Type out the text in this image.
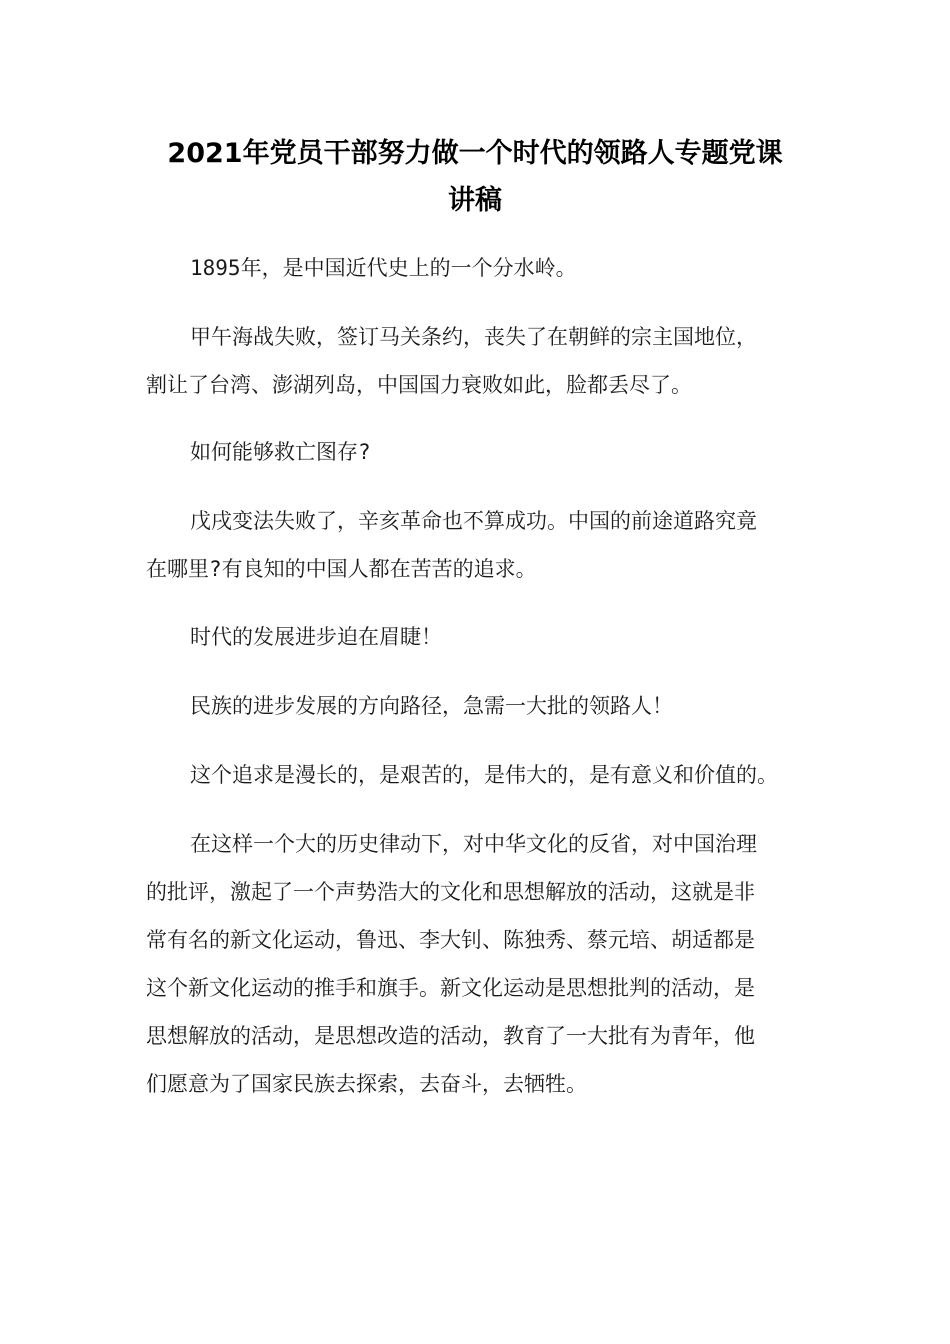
2021年党员干部努力做一个时代的领路人专题党课
讲稿
1895年，是中国近代史上的一个分水岭。
甲午海战失败，签订马关条约，丧失了在朝鲜的宗主国地位，
割让了台湾、澎湖列岛，中国国力衰败如此，脸都丢尽了。
如何能够救亡图存?
戊戌变法失败了，辛亥革命也不算成功。中国的前途道路究竟
在哪里?有良知的中国人都在苦苦的追求。
时代的发展进步迫在眉睫！
民族的进步发展的方向路径，急需一大批的领路人！
这个追求是漫长的，是艰苦的，是伟大的，是有意义和价值的。
在这样一个大的历史律动下，对中华文化的反省，对中国治理
的批评，激起了一个声势浩大的文化和思想解放的活动，这就是非
常有名的新文化运动，鲁迅、李大钊、陈独秀、蔡元培、胡适都是
这个新文化运动的推手和旗手。新文化运动是思想批判的活动，是
思想解放的活动，是思想改造的活动，教育了一大批有为青年，他
们愿意为了国家民族去探索，去奋斗，去牺牲。
